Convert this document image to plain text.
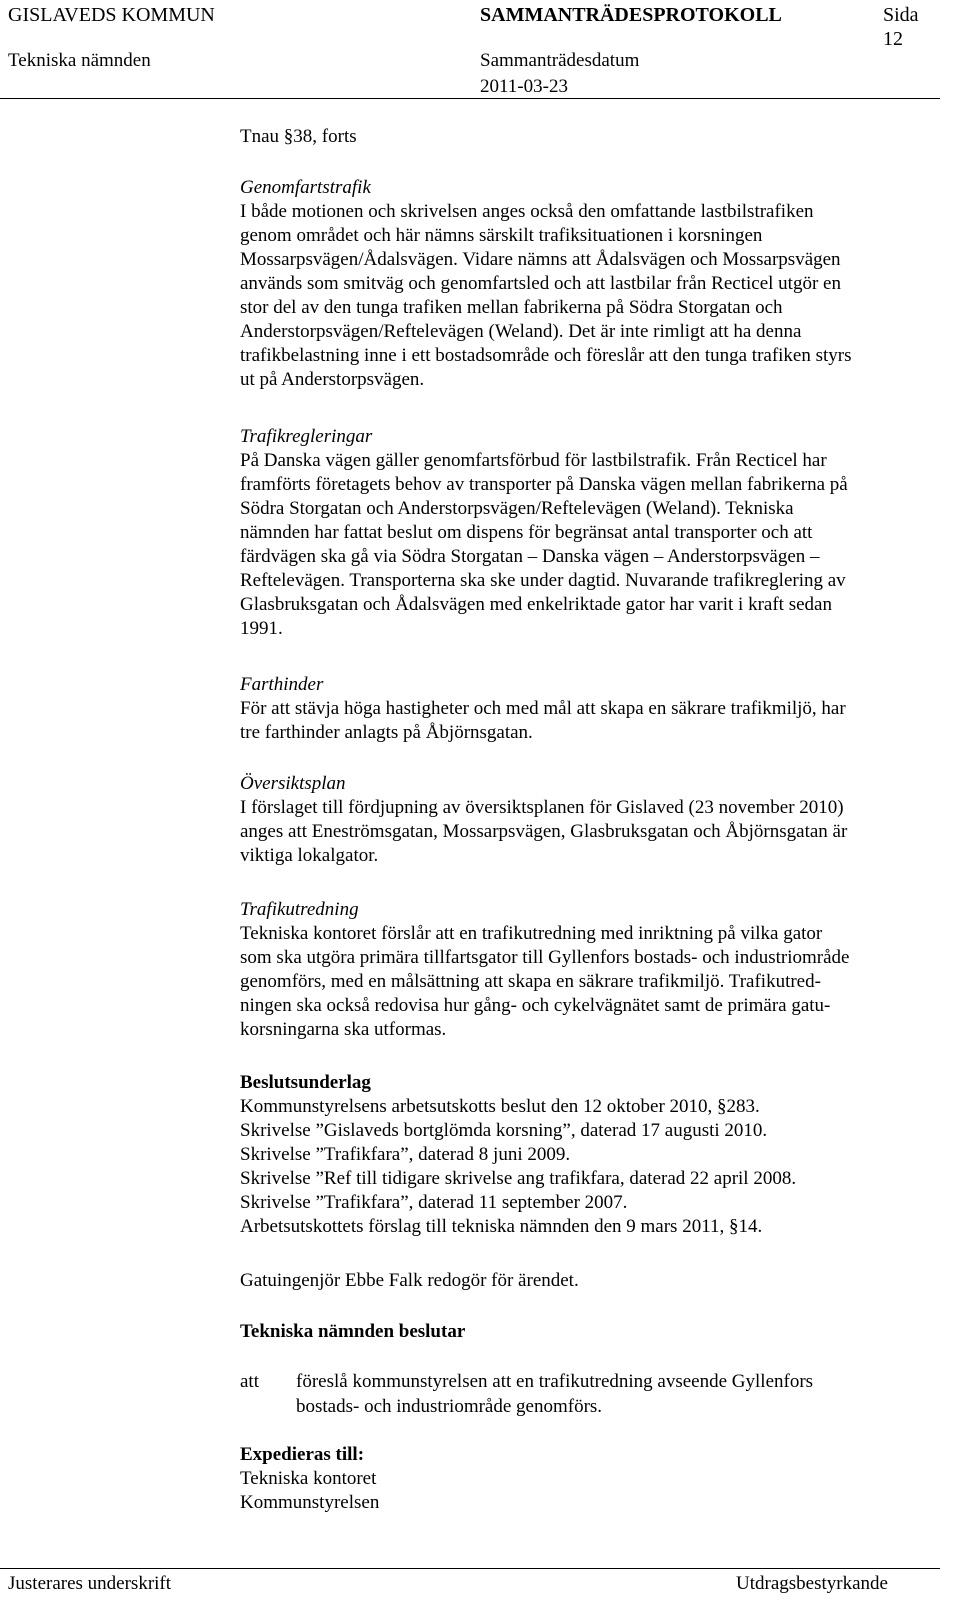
GISLAVEDS KOMMUN	SAMMANTRÄDESPROTOKOLL	Sida
12
Tekniska nämnden	Sammanträdesdatum
2011-03-23
Tnau §38, forts

Genomfartstrafik

I både motionen och skrivelsen anges också den omfattande lastbilstrafiken

genom området och här nämns särskilt trafiksituationen i korsningen

Mossarpsvägen/Ådalsvägen. Vidare nämns att Ådalsvägen och Mossarpsvägen

används som smitväg och genomfartsled och att lastbilar från Recticel utgör en

stor del av den tunga trafiken mellan fabrikerna på Södra Storgatan och

Anderstorpsvägen/Reftelevägen (Weland). Det är inte rimligt att ha denna

trafikbelastning inne i ett bostadsområde och föreslår att den tunga trafiken styrs

ut på Anderstorpsvägen.

Trafikregleringar

På Danska vägen gäller genomfartsförbud för lastbilstrafik. Från Recticel har

framförts företagets behov av transporter på Danska vägen mellan fabrikerna på

Södra Storgatan och Anderstorpsvägen/Reftelevägen (Weland). Tekniska

nämnden har fattat beslut om dispens för begränsat antal transporter och att

färdvägen ska gå via Södra Storgatan – Danska vägen – Anderstorpsvägen –

Reftelevägen. Transporterna ska ske under dagtid. Nuvarande trafikreglering av

Glasbruksgatan och Ådalsvägen med enkelriktade gator har varit i kraft sedan

1991.

Farthinder

För att stävja höga hastigheter och med mål att skapa en säkrare trafikmiljö, har

tre farthinder anlagts på Åbjörnsgatan.

Översiktsplan

I förslaget till fördjupning av översiktsplanen för Gislaved (23 november 2010)

anges att Eneströmsgatan, Mossarpsvägen, Glasbruksgatan och Åbjörnsgatan är

viktiga lokalgator.

Trafikutredning

Tekniska kontoret förslår att en trafikutredning med inriktning på vilka gator

som ska utgöra primära tillfartsgator till Gyllenfors bostads- och industriområde

genomförs, med en målsättning att skapa en säkrare trafikmiljö. Trafikutred-

ningen ska också redovisa hur gång- och cykelvägnätet samt de primära gatu-

korsningarna ska utformas.

Beslutsunderlag

Kommunstyrelsens arbetsutskotts beslut den 12 oktober 2010, §283.

Skrivelse ”Gislaveds bortglömda korsning”, daterad 17 augusti 2010.

Skrivelse ”Trafikfara”, daterad 8 juni 2009.

Skrivelse ”Ref till tidigare skrivelse ang trafikfara, daterad 22 april 2008.

Skrivelse ”Trafikfara”, daterad 11 september 2007.

Arbetsutskottets förslag till tekniska nämnden den 9 mars 2011, §14.

Gatuingenjör Ebbe Falk redogör för ärendet.
Tekniska nämnden beslutar
att föreslå kommunstyrelsen att en trafikutredning avseende Gyllenfors
bostads- och industriområde genomförs.

Expedieras till:

Tekniska kontoret

Kommunstyrelsen

Justerares underskrift	Utdragsbestyrkande
